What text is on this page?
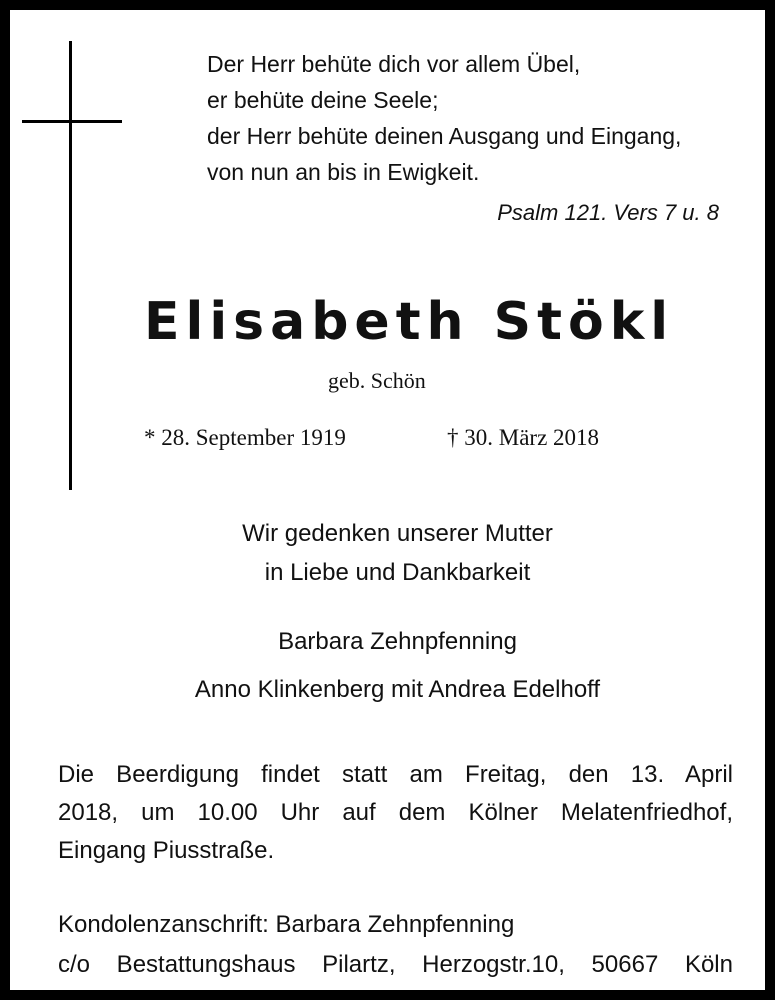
Der Herr behüte dich vor allem Übel,
er behüte deine Seele;
der Herr behüte deinen Ausgang und Eingang,
von nun an bis in Ewigkeit.
Psalm 121. Vers 7 u. 8
Elisabeth Stökl
geb. Schön
* 28. September 1919	† 30. März 2018
Wir gedenken unserer Mutter
in Liebe und Dankbarkeit
Barbara Zehnpfenning
Anno Klinkenberg mit Andrea Edelhoff
Die Beerdigung findet statt am Freitag, den 13. April
2018, um 10.00 Uhr auf dem Kölner Melatenfriedhof,
Eingang Piusstraße.
Kondolenzanschrift: Barbara Zehnpfenning
c/o Bestattungshaus Pilartz, Herzogstr.10, 50667 Köln
